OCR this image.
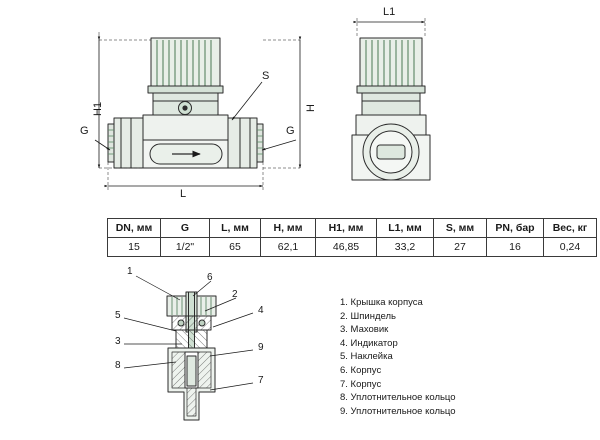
H1
G	G
S
H
L
L1
DN, мм	G	L, мм	H, мм	H1, мм	L1, мм	S, мм	PN, бар	Вес, кг
15	1/2"	65	62,1	46,85	33,2	27	16	0,24
1
6
2
4
5
3
8
9
7
1. Крышка корпуса
2. Шпиндель
3. Маховик
4. Индикатор
5. Наклейка
6. Корпус
7. Корпус
8. Уплотнительное кольцо
9. Уплотнительное кольцо
